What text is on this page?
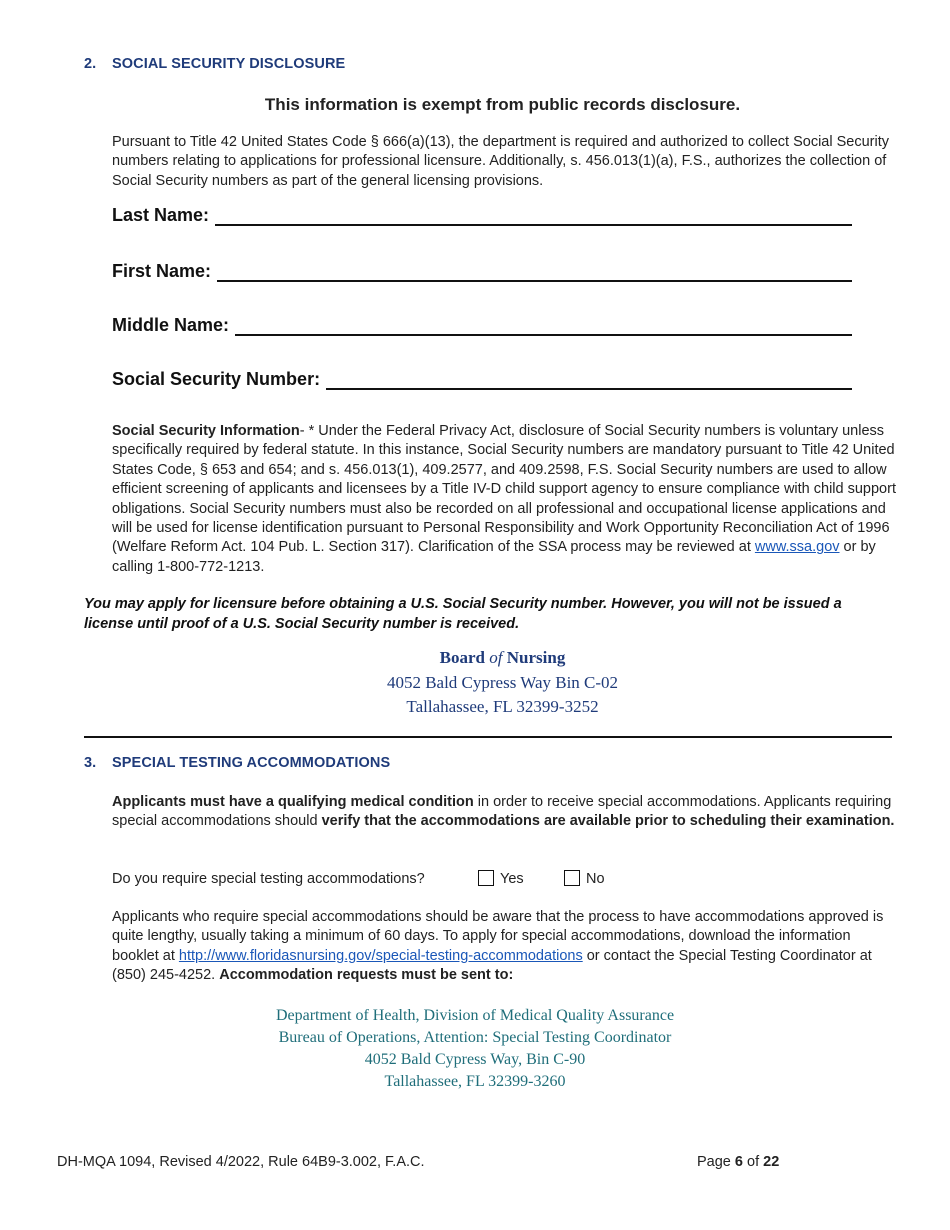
2. SOCIAL SECURITY DISCLOSURE
This information is exempt from public records disclosure.
Pursuant to Title 42 United States Code § 666(a)(13), the department is required and authorized to collect Social Security numbers relating to applications for professional licensure. Additionally, s. 456.013(1)(a), F.S., authorizes the collection of Social Security numbers as part of the general licensing provisions.
Last Name:
First Name:
Middle Name:
Social Security Number:
Social Security Information- * Under the Federal Privacy Act, disclosure of Social Security numbers is voluntary unless specifically required by federal statute. In this instance, Social Security numbers are mandatory pursuant to Title 42 United States Code, § 653 and 654; and s. 456.013(1), 409.2577, and 409.2598, F.S. Social Security numbers are used to allow efficient screening of applicants and licensees by a Title IV-D child support agency to ensure compliance with child support obligations. Social Security numbers must also be recorded on all professional and occupational license applications and will be used for license identification pursuant to Personal Responsibility and Work Opportunity Reconciliation Act of 1996 (Welfare Reform Act. 104 Pub. L. Section 317). Clarification of the SSA process may be reviewed at www.ssa.gov or by calling 1-800-772-1213.
You may apply for licensure before obtaining a U.S. Social Security number. However, you will not be issued a license until proof of a U.S. Social Security number is received.
Board of Nursing
4052 Bald Cypress Way Bin C-02
Tallahassee, FL 32399-3252
3. SPECIAL TESTING ACCOMMODATIONS
Applicants must have a qualifying medical condition in order to receive special accommodations. Applicants requiring special accommodations should verify that the accommodations are available prior to scheduling their examination.
Do you require special testing accommodations?	Yes	No
Applicants who require special accommodations should be aware that the process to have accommodations approved is quite lengthy, usually taking a minimum of 60 days. To apply for special accommodations, download the information booklet at http://www.floridasnursing.gov/special-testing-accommodations or contact the Special Testing Coordinator at (850) 245-4252. Accommodation requests must be sent to:
Department of Health, Division of Medical Quality Assurance
Bureau of Operations, Attention: Special Testing Coordinator
4052 Bald Cypress Way, Bin C-90
Tallahassee, FL 32399-3260
DH-MQA 1094, Revised 4/2022, Rule 64B9-3.002, F.A.C.	Page 6 of 22
